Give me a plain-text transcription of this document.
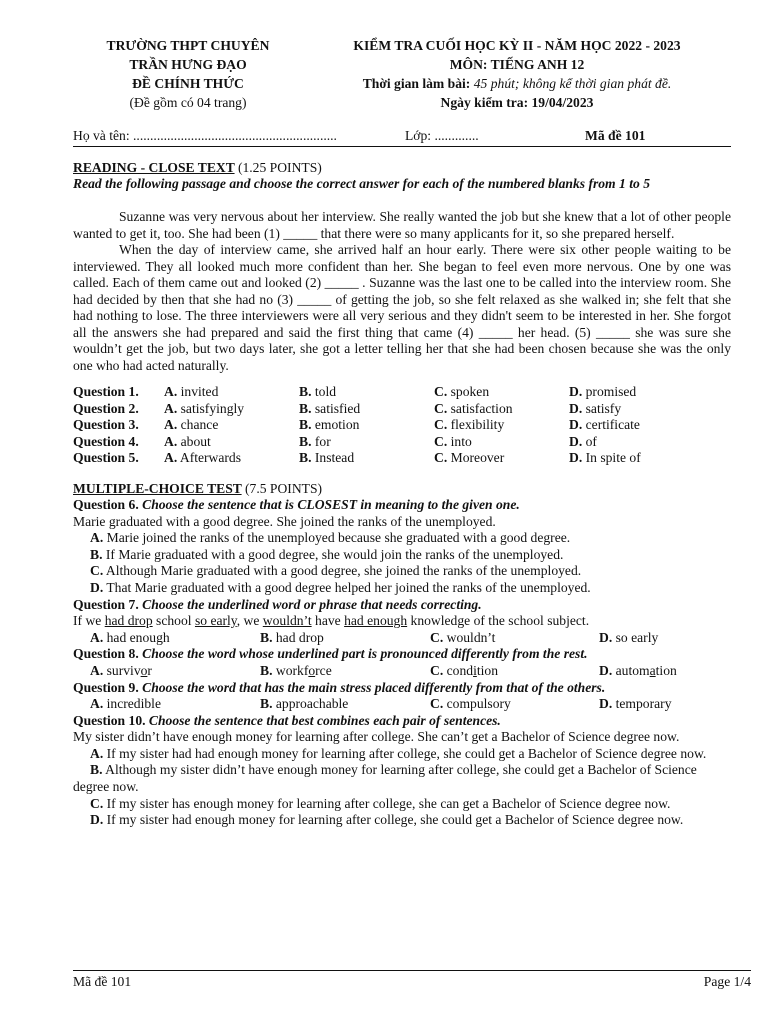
TRƯỜNG THPT CHUYÊN
TRẦN HƯNG ĐẠO
ĐỀ CHÍNH THỨC
(Đề gồm có 04 trang)
KIỂM TRA CUỐI HỌC KỲ II - NĂM HỌC 2022 - 2023
MÔN: TIẾNG ANH 12
Thời gian làm bài: 45 phút; không kể thời gian phát đề.
Ngày kiểm tra: 19/04/2023
Họ và tên: ............................................................	Lớp: .............	Mã đề 101
READING - CLOSE TEXT (1.25 POINTS)
Read the following passage and choose the correct answer for each of the numbered blanks from 1 to 5

Suzanne was very nervous about her interview. She really wanted the job but she knew that a lot of other people wanted to get it, too. She had been (1) _____ that there were so many applicants for it, so she prepared herself.

When the day of interview came, she arrived half an hour early. There were six other people waiting to be interviewed. They all looked much more confident than her. She began to feel even more nervous. One by one was called. Each of them came out and looked (2) _____ . Suzanne was the last one to be called into the interview room. She had decided by then that she had no (3) _____ of getting the job, so she felt relaxed as she walked in; she felt that she had nothing to lose. The three interviewers were all very serious and they didn't seem to be interested in her. She forgot all the answers she had prepared and said the first thing that came (4) _____ her head. (5) _____ she was sure she wouldn’t get the job, but two days later, she got a letter telling her that she had been chosen because she was the only one who had acted naturally.

Question 1.	A. invited	B. told	C. spoken	D. promised
Question 2.	A. satisfyingly	B. satisfied	C. satisfaction	D. satisfy
Question 3.	A. chance	B. emotion	C. flexibility	D. certificate
Question 4.	A. about	B. for	C. into	D. of
Question 5.	A. Afterwards	B. Instead	C. Moreover	D. In spite of
MULTIPLE-CHOICE TEST (7.5 POINTS)
Question 6. Choose the sentence that is CLOSEST in meaning to the given one.
Marie graduated with a good degree. She joined the ranks of the unemployed.
A. Marie joined the ranks of the unemployed because she graduated with a good degree.
B. If Marie graduated with a good degree, she would join the ranks of the unemployed.
C. Although Marie graduated with a good degree, she joined the ranks of the unemployed.
D. That Marie graduated with a good degree helped her joined the ranks of the unemployed.
Question 7. Choose the underlined word or phrase that needs correcting.
If we had drop school so early, we wouldn’t have had enough knowledge of the school subject.
A. had enough	B. had drop	C. wouldn’t	D. so early
Question 8. Choose the word whose underlined part is pronounced differently from the rest.
A. survivor	B. workforce	C. condition	D. automation
Question 9. Choose the word that has the main stress placed differently from that of the others.
A. incredible	B. approachable	C. compulsory	D. temporary
Question 10. Choose the sentence that best combines each pair of sentences.
My sister didn’t have enough money for learning after college. She can’t get a Bachelor of Science degree now.
A. If my sister had had enough money for learning after college, she could get a Bachelor of Science degree now.
B. Although my sister didn’t have enough money for learning after college, she could get a Bachelor of Science degree now.
C. If my sister has enough money for learning after college, she can get a Bachelor of Science degree now.
D. If my sister had enough money for learning after college, she could get a Bachelor of Science degree now.
Mã đề 101	Page 1/4
